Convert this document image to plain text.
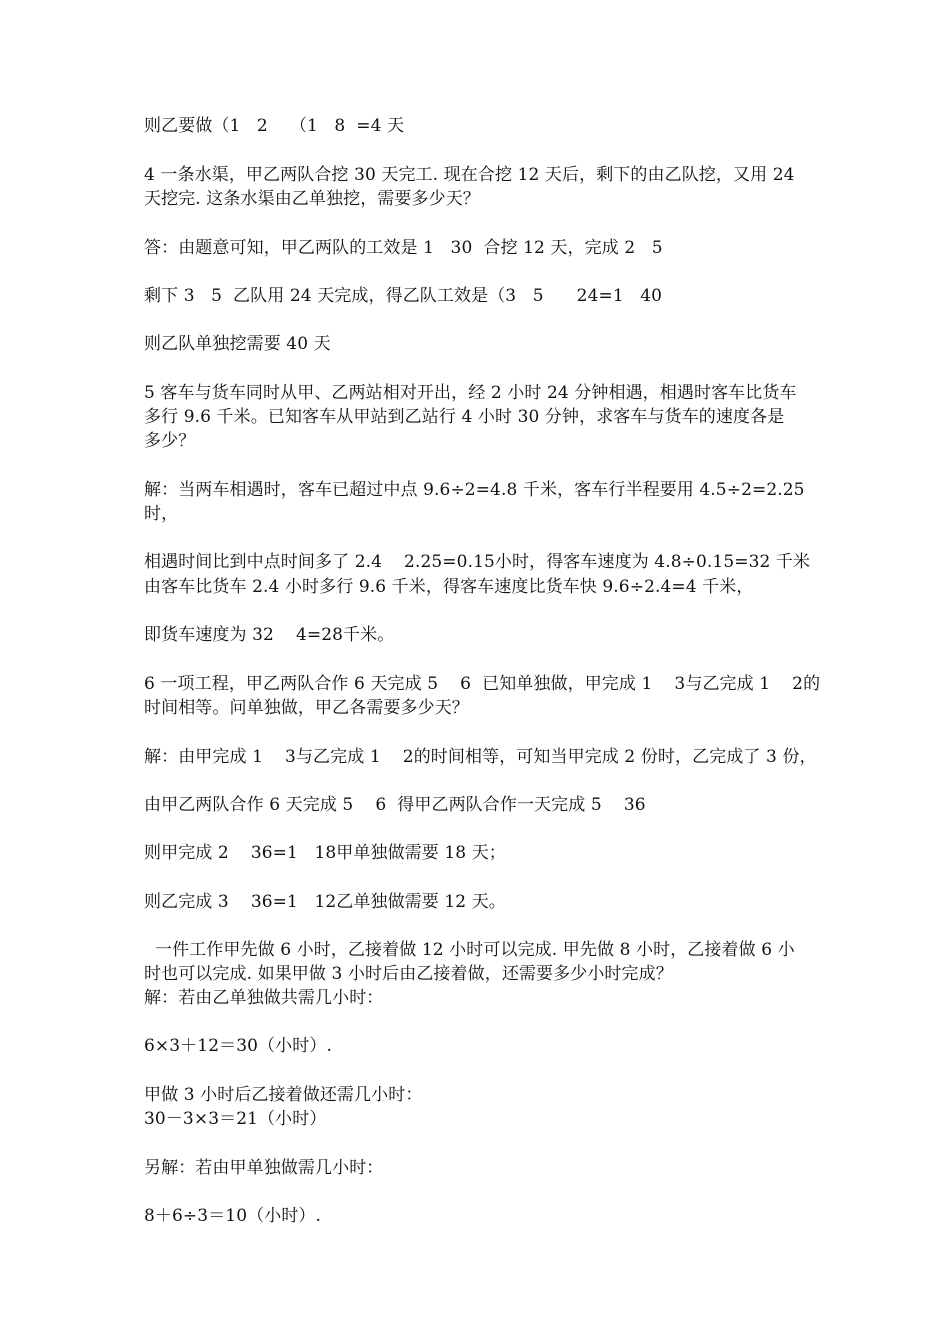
则乙要做（1   2    （1   8  =4 天
4 一条水渠，甲乙两队合挖 30 天完工. 现在合挖 12 天后，剩下的由乙队挖，又用 24
天挖完. 这条水渠由乙单独挖，需要多少天？
答：由题意可知，甲乙两队的工效是 1   30  合挖 12 天，完成 2   5
剩下 3   5  乙队用 24 天完成，得乙队工效是（3   5      24=1   40
则乙队单独挖需要 40 天
5 客车与货车同时从甲、乙两站相对开出，经 2 小时 24 分钟相遇，相遇时客车比货车
多行 9.6 千米。已知客车从甲站到乙站行 4 小时 30 分钟，求客车与货车的速度各是
多少？
解：当两车相遇时，客车已超过中点 9.6÷2=4.8 千米，客车行半程要用 4.5÷2=2.25
时，
相遇时间比到中点时间多了 2.4    2.25=0.15小时，得客车速度为 4.8÷0.15=32 千米
由客车比货车 2.4 小时多行 9.6 千米，得客车速度比货车快 9.6÷2.4=4 千米，
即货车速度为 32    4=28千米。
6 一项工程，甲乙两队合作 6 天完成 5    6  已知单独做，甲完成 1    3与乙完成 1    2的
时间相等。问单独做，甲乙各需要多少天？
解：由甲完成 1    3与乙完成 1    2的时间相等，可知当甲完成 2 份时，乙完成了 3 份，
由甲乙两队合作 6 天完成 5    6  得甲乙两队合作一天完成 5    36
则甲完成 2    36=1   18甲单独做需要 18 天；
则乙完成 3    36=1   12乙单独做需要 12 天。
一件工作甲先做 6 小时，乙接着做 12 小时可以完成. 甲先做 8 小时，乙接着做 6 小
时也可以完成. 如果甲做 3 小时后由乙接着做，还需要多少小时完成？
解：若由乙单独做共需几小时：
6×3＋12＝30（小时）.
甲做 3 小时后乙接着做还需几小时：
30－3×3＝21（小时）
另解：若由甲单独做需几小时：
8＋6÷3＝10（小时）.
